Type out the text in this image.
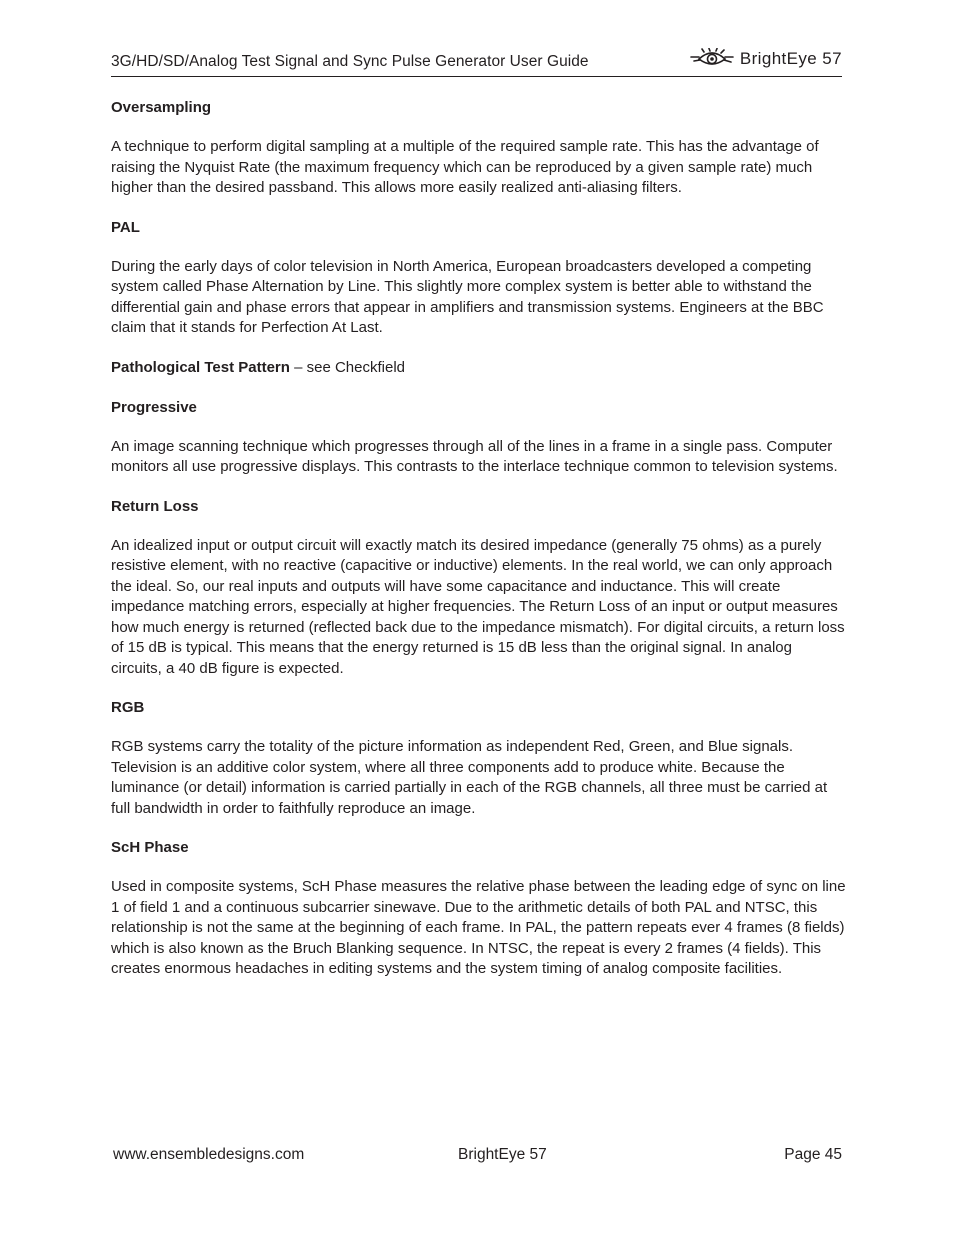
3G/HD/SD/Analog Test Signal and Sync Pulse Generator User Guide	BrightEye 57

Oversampling

A technique to perform digital sampling at a multiple of the required sample rate. This has the advantage of raising the Nyquist Rate (the maximum frequency which can be reproduced by a given sample rate) much higher than the desired passband. This allows more easily realized anti-aliasing filters.

PAL

During the early days of color television in North America, European broadcasters developed a competing system called Phase Alternation by Line. This slightly more complex system is better able to withstand the differential gain and phase errors that appear in amplifiers and transmission systems. Engineers at the BBC claim that it stands for Perfection At Last.

Pathological Test Pattern – see Checkfield

Progressive

An image scanning technique which progresses through all of the lines in a frame in a single pass. Computer monitors all use progressive displays. This contrasts to the interlace technique common to television systems.

Return Loss

An idealized input or output circuit will exactly match its desired impedance (generally 75 ohms) as a purely resistive element, with no reactive (capacitive or inductive) elements. In the real world, we can only approach the ideal. So, our real inputs and outputs will have some capacitance and inductance. This will create impedance matching errors, especially at higher frequencies. The Return Loss of an input or output measures how much energy is returned (reflected back due to the impedance mismatch). For digital circuits, a return loss of 15 dB is typical. This means that the energy returned is 15 dB less than the original signal. In analog circuits, a 40 dB figure is expected.

RGB

RGB systems carry the totality of the picture information as independent Red, Green, and Blue signals. Television is an additive color system, where all three components add to produce white. Because the luminance (or detail) information is carried partially in each of the RGB channels, all three must be carried at full bandwidth in order to faithfully reproduce an image.

ScH Phase

Used in composite systems, ScH Phase measures the relative phase between the leading edge of sync on line 1 of field 1 and a continuous subcarrier sinewave. Due to the arithmetic details of both PAL and NTSC, this relationship is not the same at the beginning of each frame. In PAL, the pattern repeats ever 4 frames (8 fields) which is also known as the Bruch Blanking sequence. In NTSC, the repeat is every 2 frames (4 fields). This creates enormous headaches in editing systems and the system timing of analog composite facilities.

www.ensembledesigns.com	BrightEye 57	Page 45
